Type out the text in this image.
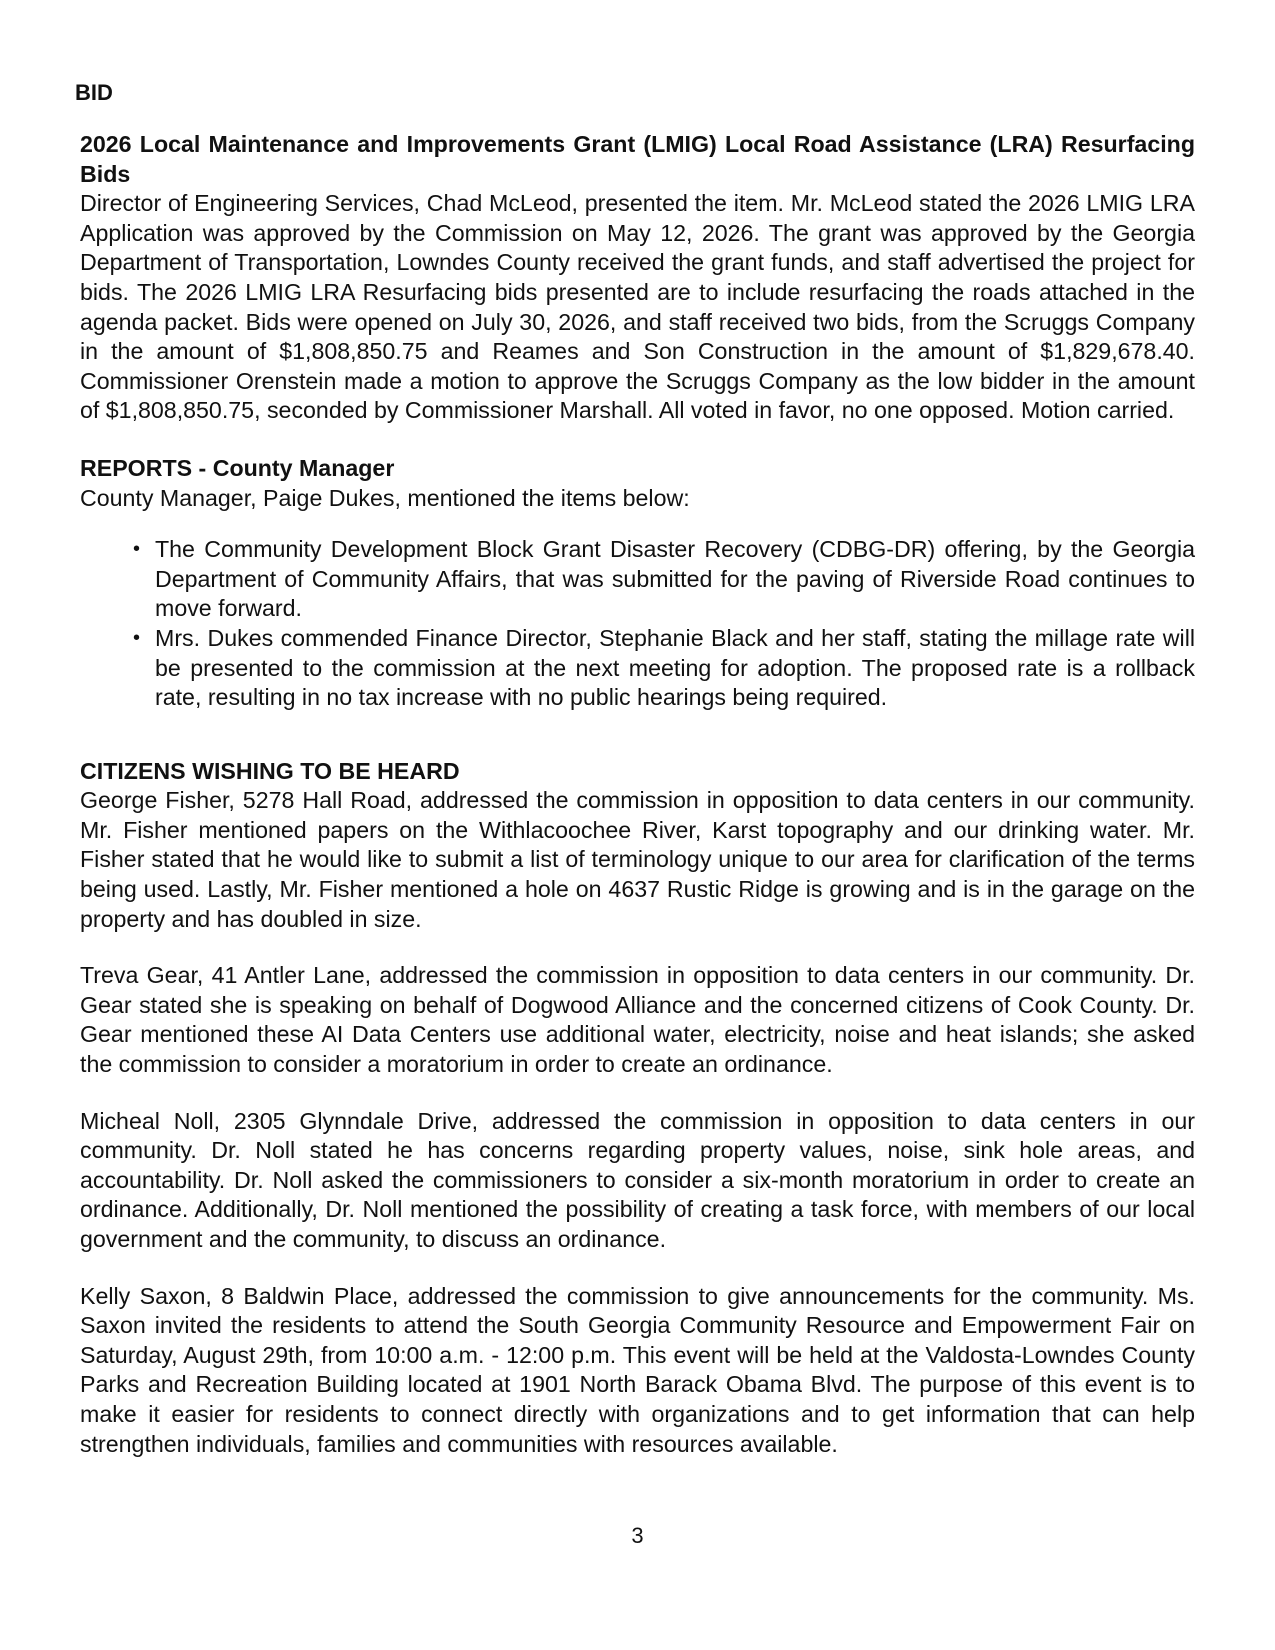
BID

2026 Local Maintenance and Improvements Grant (LMIG) Local Road Assistance (LRA) Resurfacing Bids

Director of Engineering Services, Chad McLeod, presented the item. Mr. McLeod stated the 2026 LMIG LRA Application was approved by the Commission on May 12, 2026. The grant was approved by the Georgia Department of Transportation, Lowndes County received the grant funds, and staff advertised the project for bids. The 2026 LMIG LRA Resurfacing bids presented are to include resurfacing the roads attached in the agenda packet. Bids were opened on July 30, 2026, and staff received two bids, from the Scruggs Company in the amount of $1,808,850.75 and Reames and Son Construction in the amount of $1,829,678.40. Commissioner Orenstein made a motion to approve the Scruggs Company as the low bidder in the amount of $1,808,850.75, seconded by Commissioner Marshall. All voted in favor, no one opposed. Motion carried.

REPORTS - County Manager

County Manager, Paige Dukes, mentioned the items below:

• The Community Development Block Grant Disaster Recovery (CDBG-DR) offering, by the Georgia Department of Community Affairs, that was submitted for the paving of Riverside Road continues to move forward.
• Mrs. Dukes commended Finance Director, Stephanie Black and her staff, stating the millage rate will be presented to the commission at the next meeting for adoption. The proposed rate is a rollback rate, resulting in no tax increase with no public hearings being required.

CITIZENS WISHING TO BE HEARD

George Fisher, 5278 Hall Road, addressed the commission in opposition to data centers in our community. Mr. Fisher mentioned papers on the Withlacoochee River, Karst topography and our drinking water. Mr. Fisher stated that he would like to submit a list of terminology unique to our area for clarification of the terms being used. Lastly, Mr. Fisher mentioned a hole on 4637 Rustic Ridge is growing and is in the garage on the property and has doubled in size.

Treva Gear, 41 Antler Lane, addressed the commission in opposition to data centers in our community. Dr. Gear stated she is speaking on behalf of Dogwood Alliance and the concerned citizens of Cook County. Dr. Gear mentioned these AI Data Centers use additional water, electricity, noise and heat islands; she asked the commission to consider a moratorium in order to create an ordinance.

Micheal Noll, 2305 Glynndale Drive, addressed the commission in opposition to data centers in our community. Dr. Noll stated he has concerns regarding property values, noise, sink hole areas, and accountability. Dr. Noll asked the commissioners to consider a six-month moratorium in order to create an ordinance. Additionally, Dr. Noll mentioned the possibility of creating a task force, with members of our local government and the community, to discuss an ordinance.

Kelly Saxon, 8 Baldwin Place, addressed the commission to give announcements for the community. Ms. Saxon invited the residents to attend the South Georgia Community Resource and Empowerment Fair on Saturday, August 29th, from 10:00 a.m. - 12:00 p.m. This event will be held at the Valdosta-Lowndes County Parks and Recreation Building located at 1901 North Barack Obama Blvd. The purpose of this event is to make it easier for residents to connect directly with organizations and to get information that can help strengthen individuals, families and communities with resources available.

3
